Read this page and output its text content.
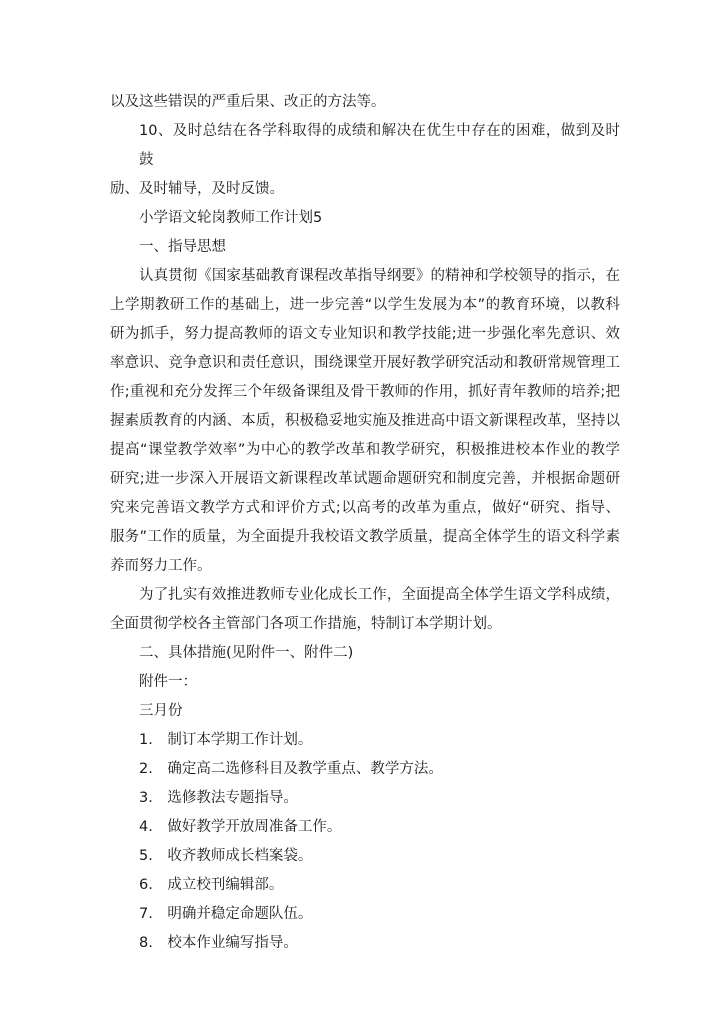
以及这些错误的严重后果、改正的方法等。
10、及时总结在各学科取得的成绩和解决在优生中存在的困难，做到及时鼓
励、及时辅导，及时反馈。
小学语文轮岗教师工作计划5
一、指导思想
认真贯彻《国家基础教育课程改革指导纲要》的精神和学校领导的指示，在
上学期教研工作的基础上，进一步完善“以学生发展为本”的教育环境，以教科
研为抓手，努力提高教师的语文专业知识和教学技能;进一步强化率先意识、效
率意识、竞争意识和责任意识，围绕课堂开展好教学研究活动和教研常规管理工
作;重视和充分发挥三个年级备课组及骨干教师的作用，抓好青年教师的培养;把
握素质教育的内涵、本质，积极稳妥地实施及推进高中语文新课程改革，坚持以
提高“课堂教学效率”为中心的教学改革和教学研究，积极推进校本作业的教学
研究;进一步深入开展语文新课程改革试题命题研究和制度完善，并根据命题研
究来完善语文教学方式和评价方式;以高考的改革为重点，做好“研究、指导、
服务”工作的质量，为全面提升我校语文教学质量，提高全体学生的语文科学素
养而努力工作。
为了扎实有效推进教师专业化成长工作，全面提高全体学生语文学科成绩，
全面贯彻学校各主管部门各项工作措施，特制订本学期计划。
二、具体措施(见附件一、附件二)
附件一：
三月份
1.　制订本学期工作计划。
2.　确定高二选修科目及教学重点、教学方法。
3.　选修教法专题指导。
4.　做好教学开放周准备工作。
5.　收齐教师成长档案袋。
6.　成立校刊编辑部。
7.　明确并稳定命题队伍。
8.　校本作业编写指导。
